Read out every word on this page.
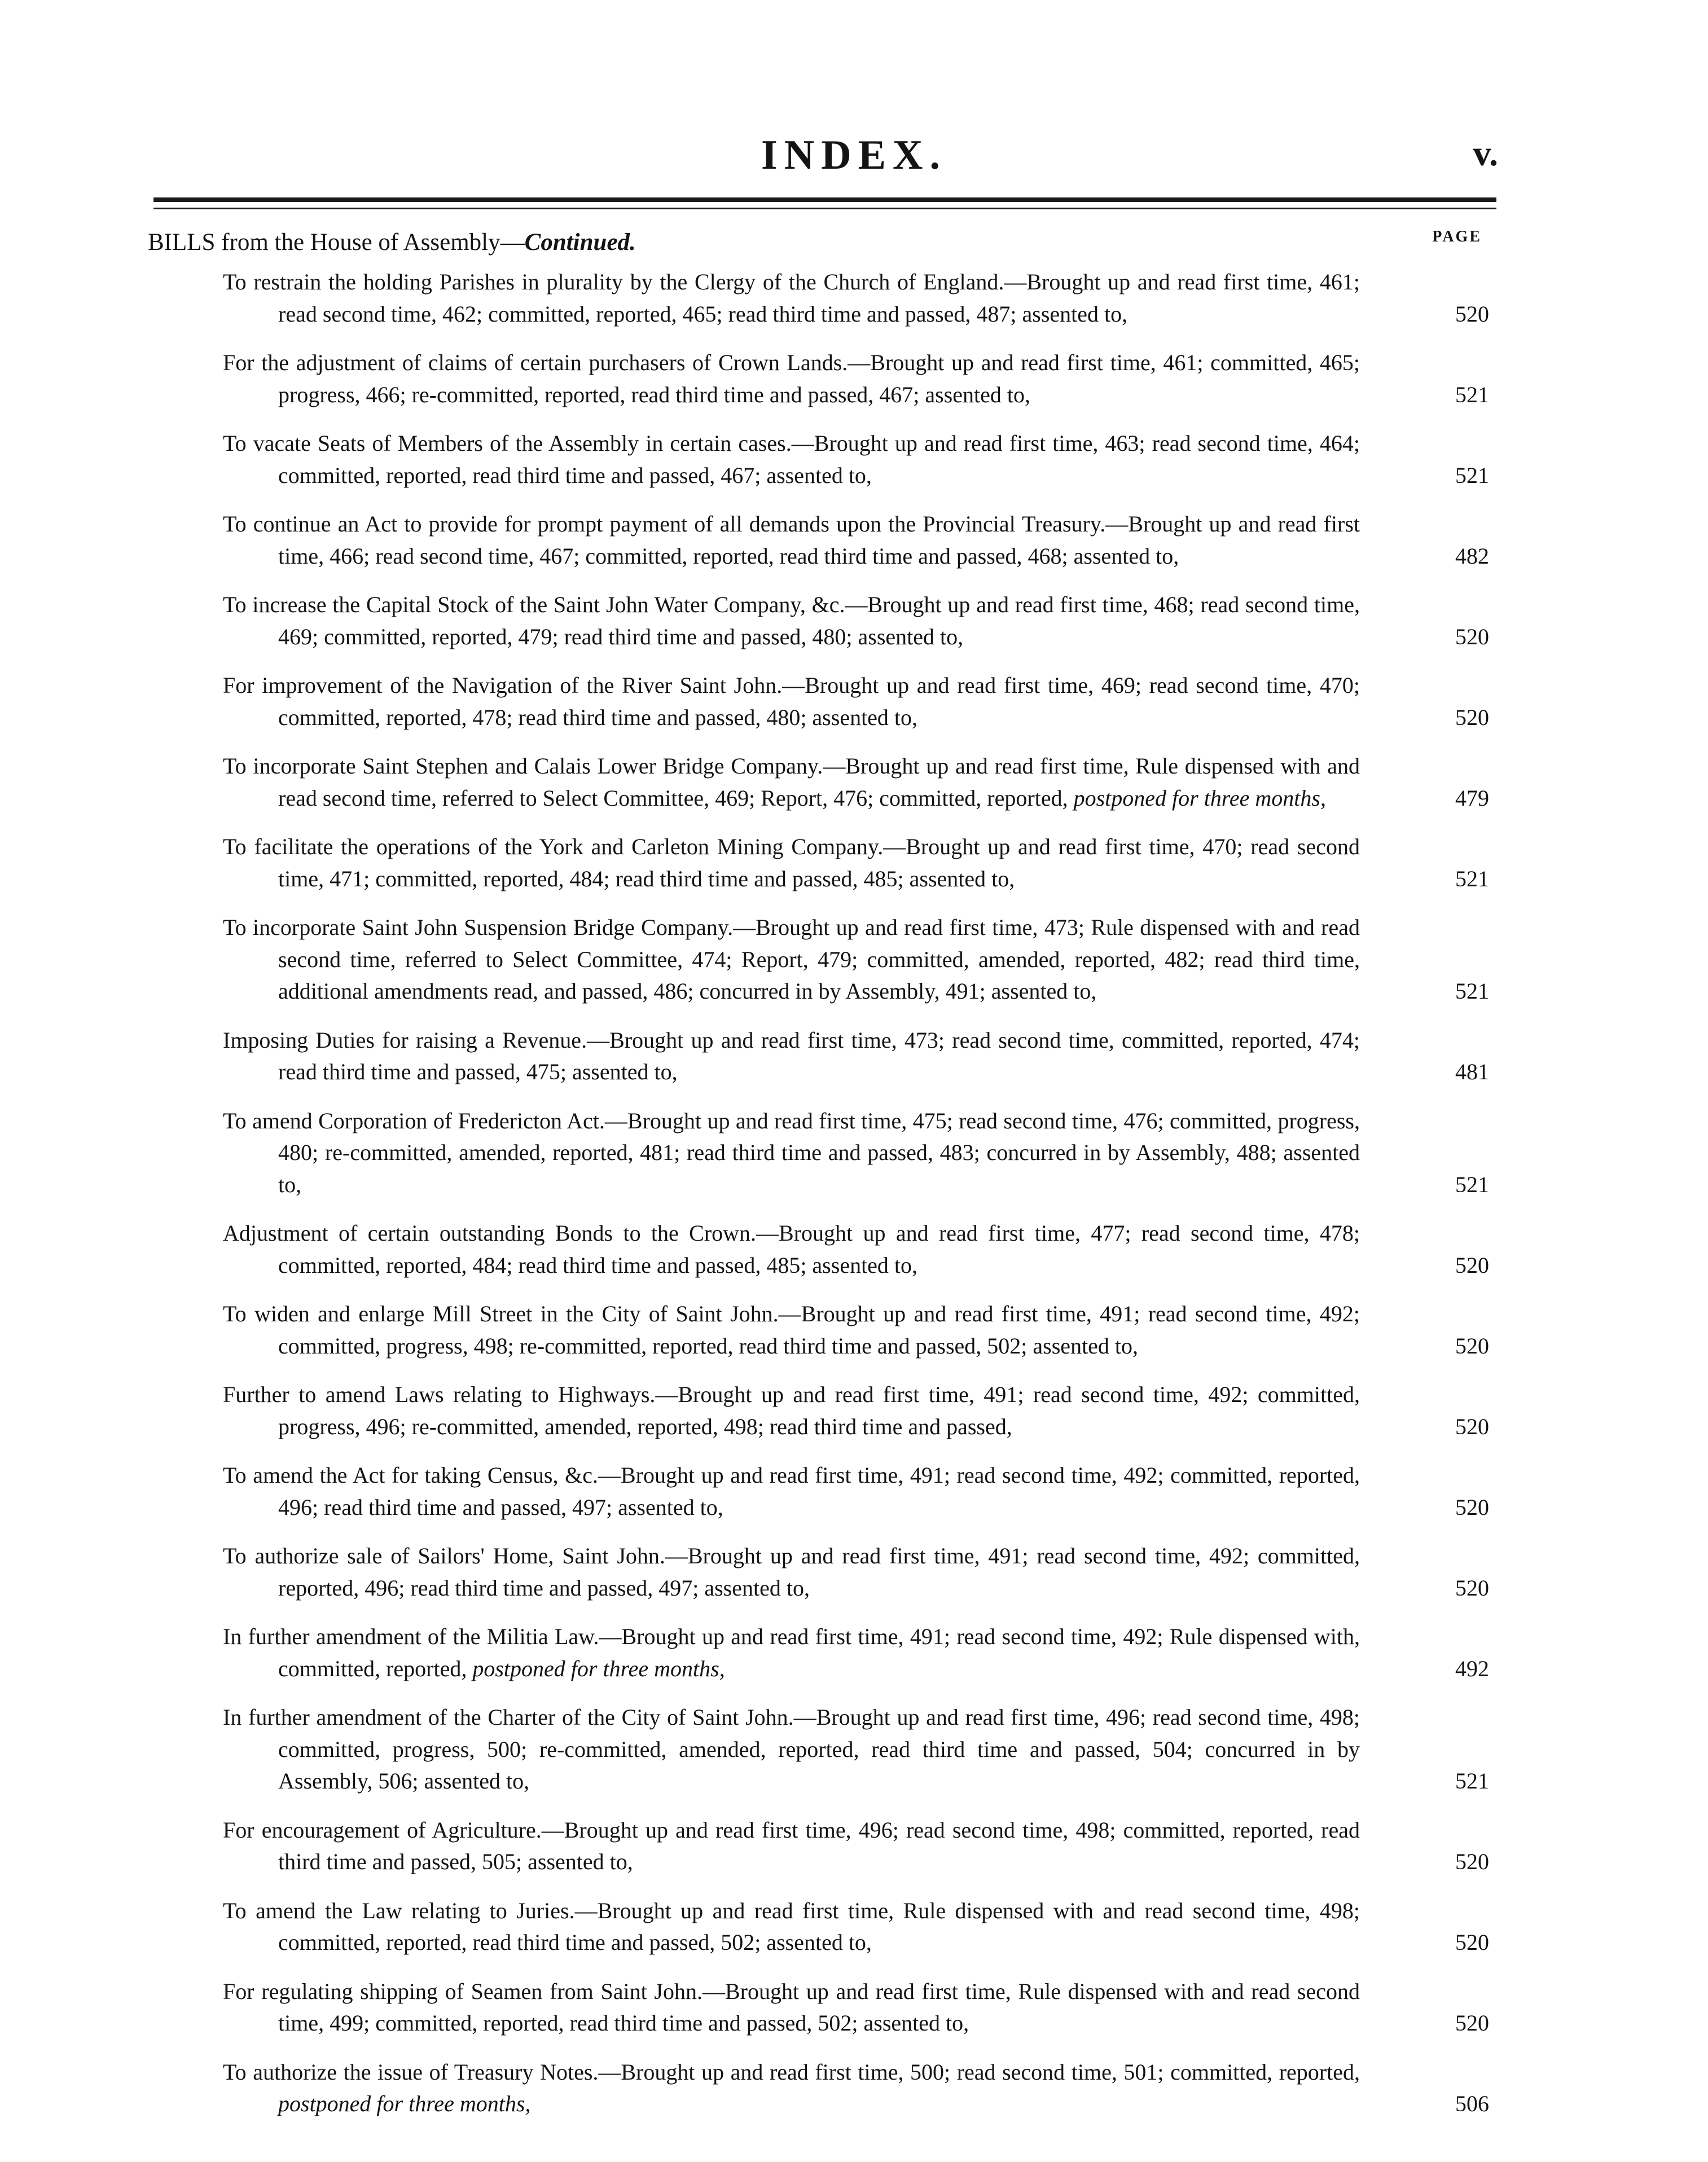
INDEX.	v.
BILLS from the House of Assembly—Continued.	PAGE
To restrain the holding Parishes in plurality by the Clergy of the Church of England.—Brought up and read first time, 461; read second time, 462; committed, reported, 465; read third time and passed, 487; assented to,	520
For the adjustment of claims of certain purchasers of Crown Lands.—Brought up and read first time, 461; committed, 465; progress, 466; re-committed, reported, read third time and passed, 467; assented to,	521
To vacate Seats of Members of the Assembly in certain cases.—Brought up and read first time, 463; read second time, 464; committed, reported, read third time and passed, 467; assented to,	521
To continue an Act to provide for prompt payment of all demands upon the Provincial Treasury.—Brought up and read first time, 466; read second time, 467; committed, reported, read third time and passed, 468; assented to,	482
To increase the Capital Stock of the Saint John Water Company, &c.—Brought up and read first time, 468; read second time, 469; committed, reported, 479; read third time and passed, 480; assented to,	520
For improvement of the Navigation of the River Saint John.—Brought up and read first time, 469; read second time, 470; committed, reported, 478; read third time and passed, 480; assented to,	520
To incorporate Saint Stephen and Calais Lower Bridge Company.—Brought up and read first time, Rule dispensed with and read second time, referred to Select Committee, 469; Report, 476; committed, reported, postponed for three months,	479
To facilitate the operations of the York and Carleton Mining Company.—Brought up and read first time, 470; read second time, 471; committed, reported, 484; read third time and passed, 485; assented to,	521
To incorporate Saint John Suspension Bridge Company.—Brought up and read first time, 473; Rule dispensed with and read second time, referred to Select Committee, 474; Report, 479; committed, amended, reported, 482; read third time, additional amendments read, and passed, 486; concurred in by Assembly, 491; assented to,	521
Imposing Duties for raising a Revenue.—Brought up and read first time, 473; read second time, committed, reported, 474; read third time and passed, 475; assented to,	481
To amend Corporation of Fredericton Act.—Brought up and read first time, 475; read second time, 476; committed, progress, 480; re-committed, amended, reported, 481; read third time and passed, 483; concurred in by Assembly, 488; assented to,	521
Adjustment of certain outstanding Bonds to the Crown.—Brought up and read first time, 477; read second time, 478; committed, reported, 484; read third time and passed, 485; assented to,	520
To widen and enlarge Mill Street in the City of Saint John.—Brought up and read first time, 491; read second time, 492; committed, progress, 498; re-committed, reported, read third time and passed, 502; assented to,	520
Further to amend Laws relating to Highways.—Brought up and read first time, 491; read second time, 492; committed, progress, 496; re-committed, amended, reported, 498; read third time and passed,	520
To amend the Act for taking Census, &c.—Brought up and read first time, 491; read second time, 492; committed, reported, 496; read third time and passed, 497; assented to,	520
To authorize sale of Sailors' Home, Saint John.—Brought up and read first time, 491; read second time, 492; committed, reported, 496; read third time and passed, 497; assented to,	520
In further amendment of the Militia Law.—Brought up and read first time, 491; read second time, 492; Rule dispensed with, committed, reported, postponed for three months,	492
In further amendment of the Charter of the City of Saint John.—Brought up and read first time, 496; read second time, 498; committed, progress, 500; re-committed, amended, reported, read third time and passed, 504; concurred in by Assembly, 506; assented to,	521
For encouragement of Agriculture.—Brought up and read first time, 496; read second time, 498; committed, reported, read third time and passed, 505; assented to,	520
To amend the Law relating to Juries.—Brought up and read first time, Rule dispensed with and read second time, 498; committed, reported, read third time and passed, 502; assented to,	520
For regulating shipping of Seamen from Saint John.—Brought up and read first time, Rule dispensed with and read second time, 499; committed, reported, read third time and passed, 502; assented to,	520
To authorize the issue of Treasury Notes.—Brought up and read first time, 500; read second time, 501; committed, reported, postponed for three months,	506
